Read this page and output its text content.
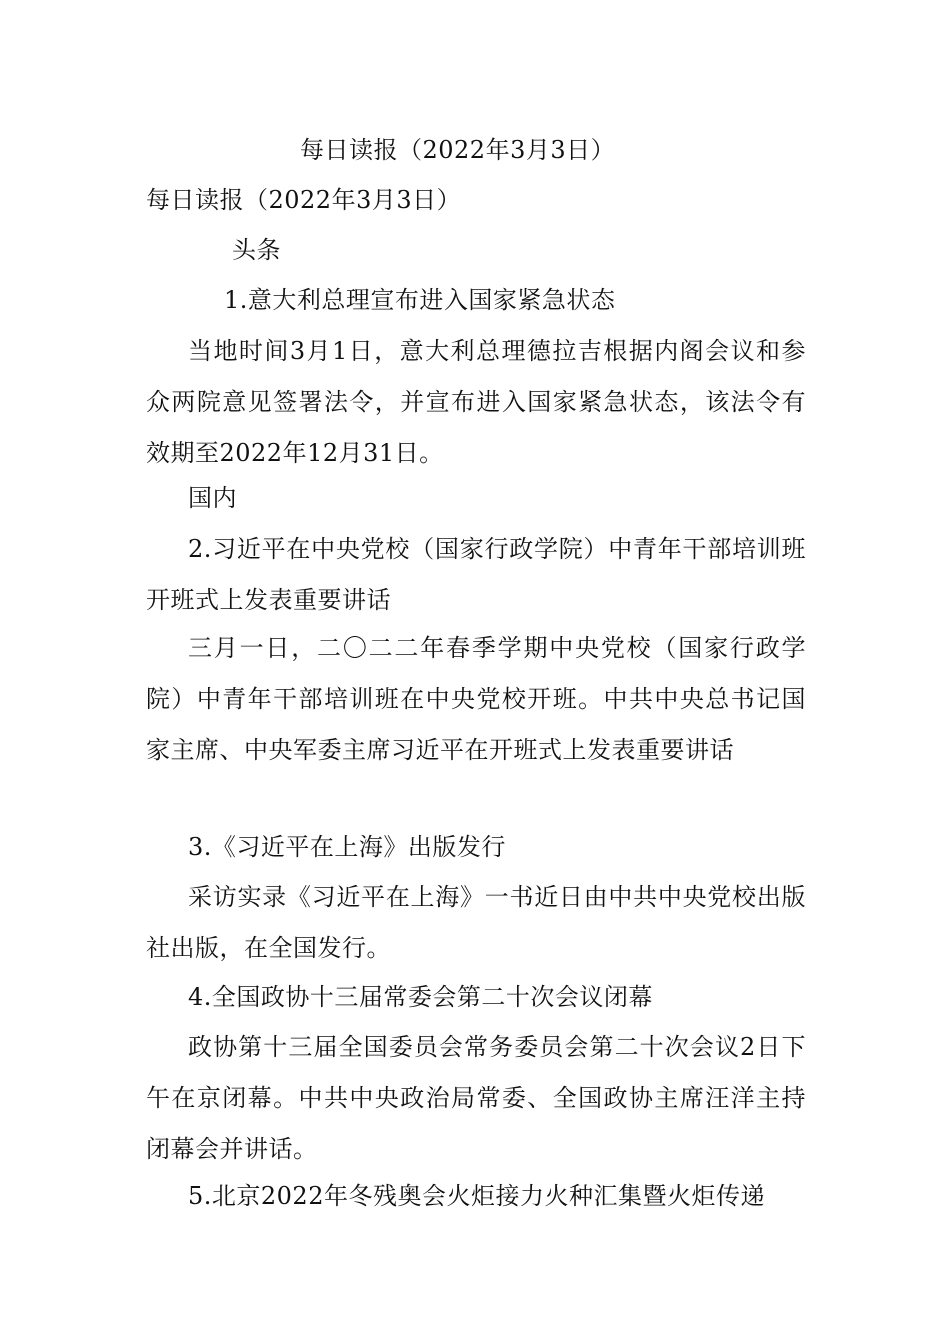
每日读报（2022年3月3日）
每日读报（2022年3月3日）
头条
1.意大利总理宣布进入国家紧急状态
当地时间3月1日，意大利总理德拉吉根据内阁会议和参众两院意见签署法令，并宣布进入国家紧急状态，该法令有效期至2022年12月31日。
国内
2.习近平在中央党校（国家行政学院）中青年干部培训班开班式上发表重要讲话
三月一日，二〇二二年春季学期中央党校（国家行政学院）中青年干部培训班在中央党校开班。中共中央总书记国家主席、中央军委主席习近平在开班式上发表重要讲话
3.《习近平在上海》出版发行
采访实录《习近平在上海》一书近日由中共中央党校出版社出版，在全国发行。
4.全国政协十三届常委会第二十次会议闭幕
政协第十三届全国委员会常务委员会第二十次会议2日下午在京闭幕。中共中央政治局常委、全国政协主席汪洋主持闭幕会并讲话。
5.北京2022年冬残奥会火炬接力火种汇集暨火炬传递
